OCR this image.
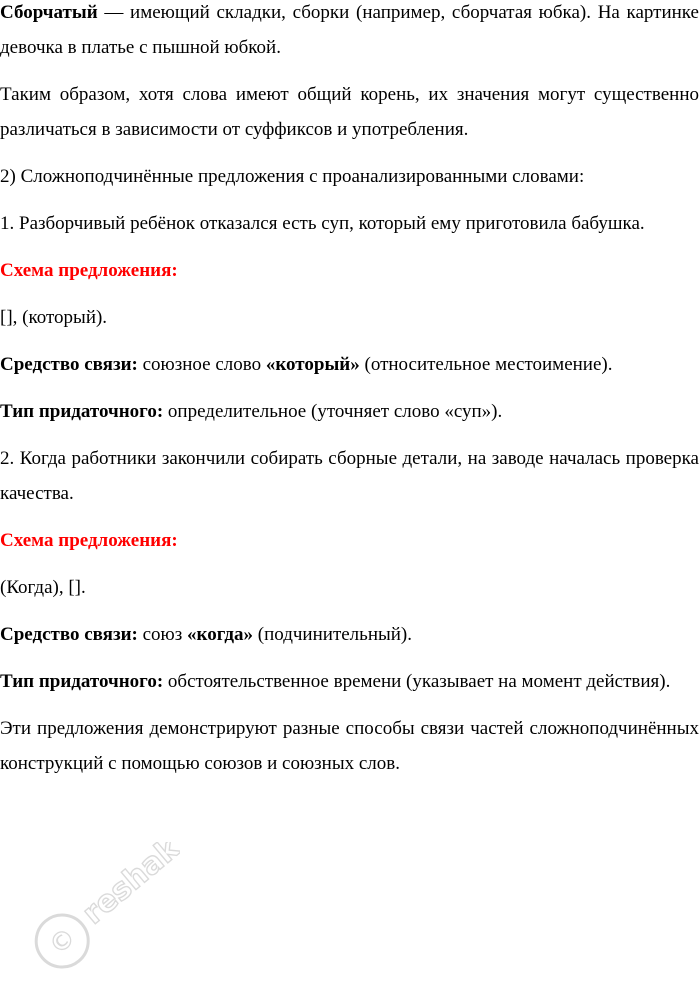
Сборчатый — имеющий складки, сборки (например, сборчатая юбка). На картинке девочка в платье с пышной юбкой.

Таким образом, хотя слова имеют общий корень, их значения могут существенно различаться в зависимости от суффиксов и употребления.

2) Сложноподчинённые предложения с проанализированными словами:

1. Разборчивый ребёнок отказался есть суп, который ему приготовила бабушка.

Схема предложения:

[], (который).

Средство связи: союзное слово «который» (относительное местоимение).

Тип придаточного: определительное (уточняет слово «суп»).

2. Когда работники закончили собирать сборные детали, на заводе началась проверка качества.

Схема предложения:

(Когда), [].

Средство связи: союз «когда» (подчинительный).

Тип придаточного: обстоятельственное времени (указывает на момент действия).

Эти предложения демонстрируют разные способы связи частей сложноподчинённых конструкций с помощью союзов и союзных слов.

©
reshak
